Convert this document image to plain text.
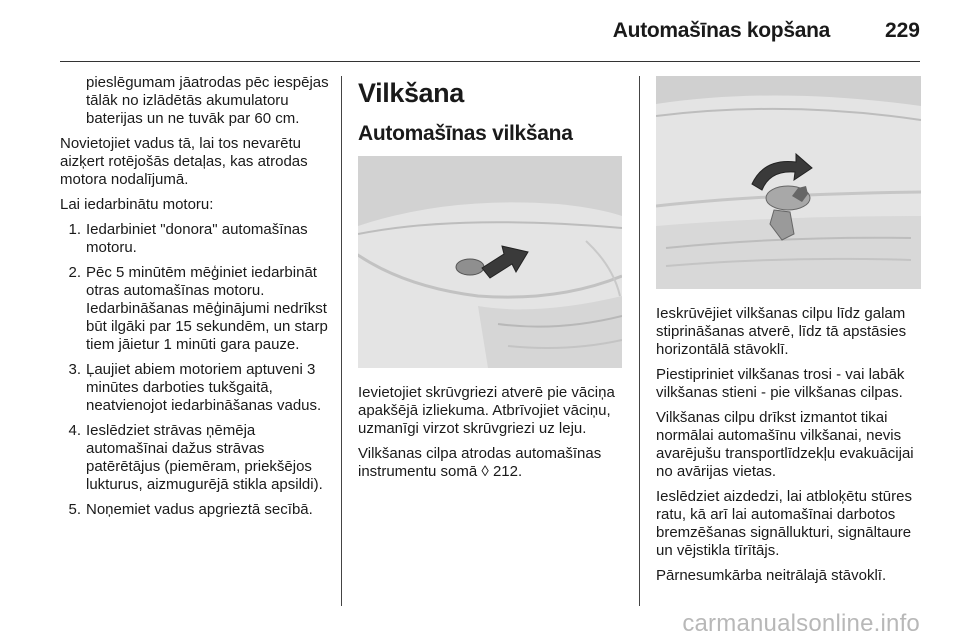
Automašīnas kopšana	229

pieslēgumam jāatrodas pēc iespējas tālāk no izlādētās akumulatoru baterijas un ne tuvāk par 60 cm.

Novietojiet vadus tā, lai tos nevarētu aizķert rotējošās detaļas, kas atrodas motora nodalījumā.

Lai iedarbinātu motoru:

1. Iedarbiniet "donora" automašīnas motoru.
2. Pēc 5 minūtēm mēģiniet iedarbināt otras automašīnas motoru. Iedarbināšanas mēģinājumi nedrīkst būt ilgāki par 15 sekundēm, un starp tiem jāietur 1 minūti gara pauze.
3. Ļaujiet abiem motoriem aptuveni 3 minūtes darboties tukšgaitā, neatvienojot iedarbināšanas vadus.
4. Ieslēdziet strāvas ņēmēja automašīnai dažus strāvas patērētājus (piemēram, priekšējos lukturus, aizmugurējā stikla apsildi).
5. Noņemiet vadus apgrieztā secībā.
Vilkšana
Automašīnas vilkšana

Ievietojiet skrūvgriezi atverē pie vāciņa apakšējā izliekuma. Atbrīvojiet vāciņu, uzmanīgi virzot skrūvgriezi uz leju.

Vilkšanas cilpa atrodas automašīnas instrumentu somā ◊ 212.

Ieskrūvējiet vilkšanas cilpu līdz galam stiprināšanas atverē, līdz tā apstāsies horizontālā stāvoklī.

Piestipriniet vilkšanas trosi - vai labāk vilkšanas stieni - pie vilkšanas cilpas.

Vilkšanas cilpu drīkst izmantot tikai normālai automašīnu vilkšanai, nevis avarējušu transportlīdzekļu evakuācijai no avārijas vietas.

Ieslēdziet aizdedzi, lai atbloķētu stūres ratu, kā arī lai automašīnai darbotos bremzēšanas signāllukturi, signāltaure un vējstikla tīrītājs.

Pārnesumkārba neitrālajā stāvoklī.

carmanualsonline.info
